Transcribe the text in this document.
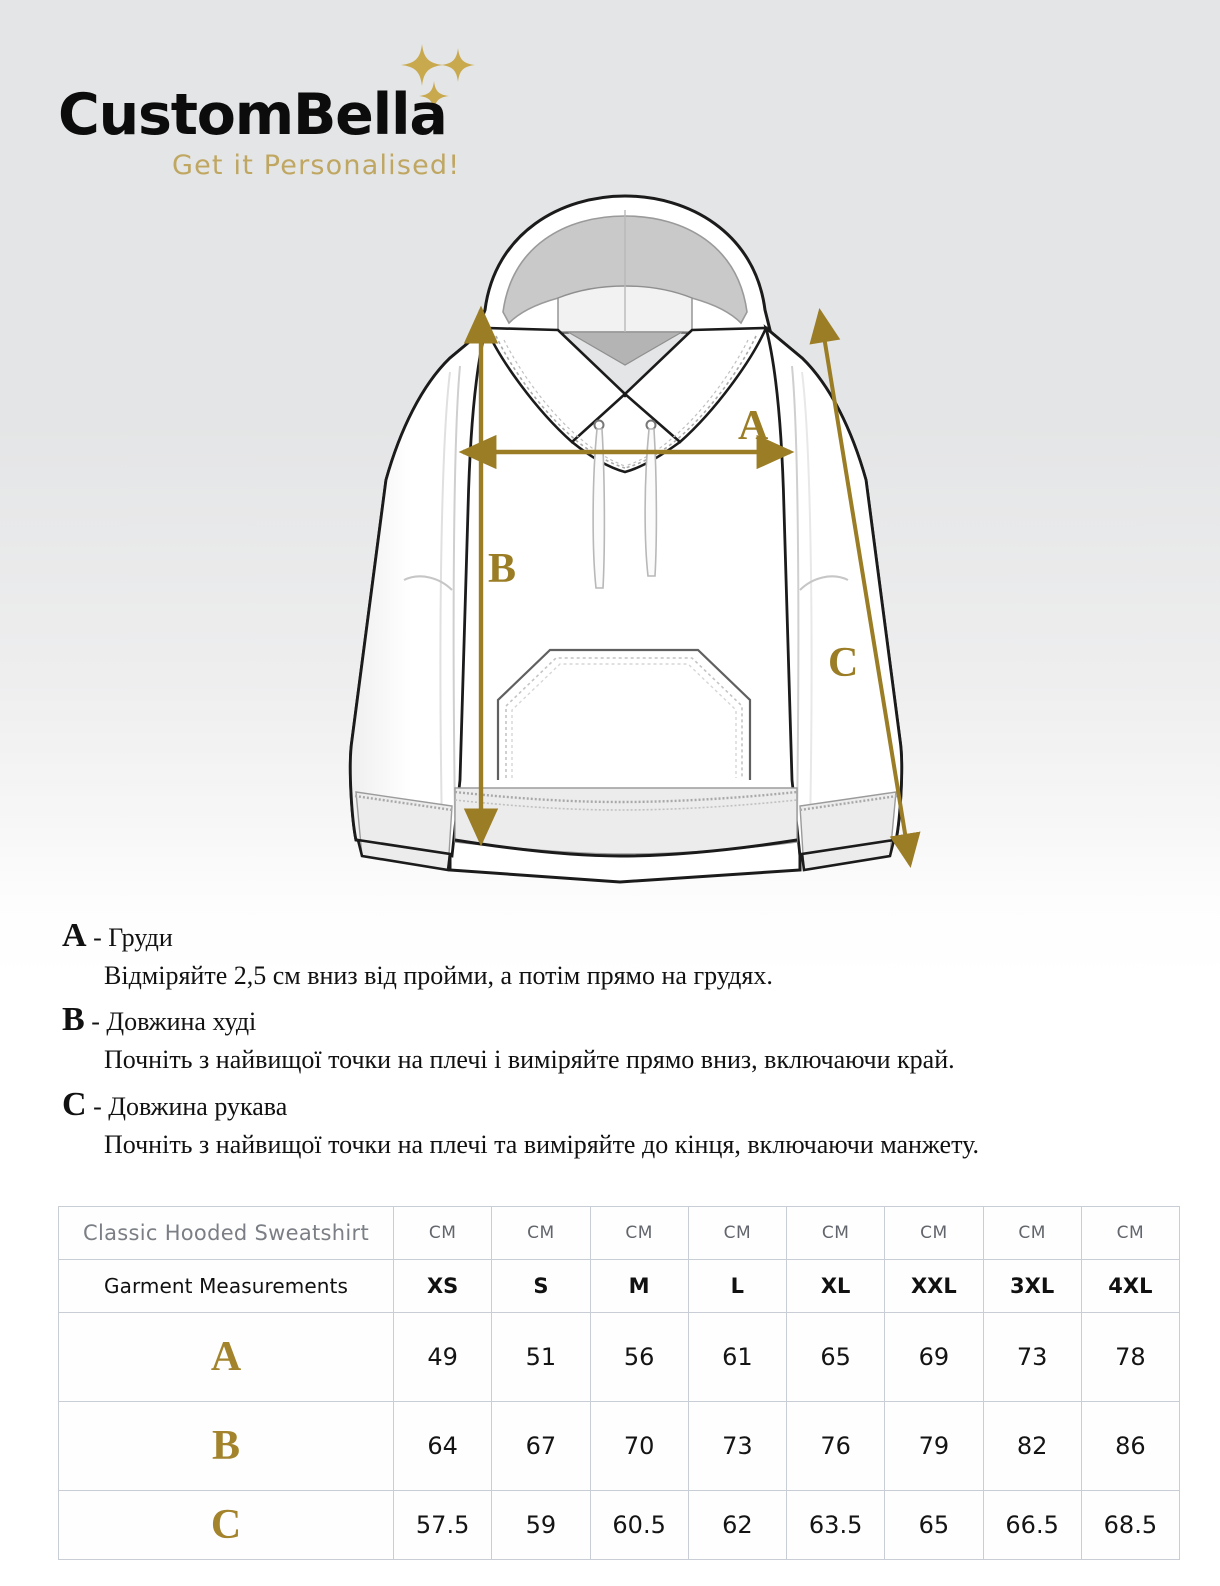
CustomBella
Get it Personalised!
A
B
C
A - Груди
Відміряйте 2,5 см вниз від пройми, а потім прямо на грудях.
B - Довжина худі
Почніть з найвищої точки на плечі і виміряйте прямо вниз, включаючи край.
C - Довжина рукава
Почніть з найвищої точки на плечі та виміряйте до кінця, включаючи манжету.
Classic Hooded Sweatshirt	CM	CM	CM	CM	CM	CM	CM	CM
Garment Measurements	XS	S	M	L	XL	XXL	3XL	4XL
A	49	51	56	61	65	69	73	78
B	64	67	70	73	76	79	82	86
C	57.5	59	60.5	62	63.5	65	66.5	68.5
